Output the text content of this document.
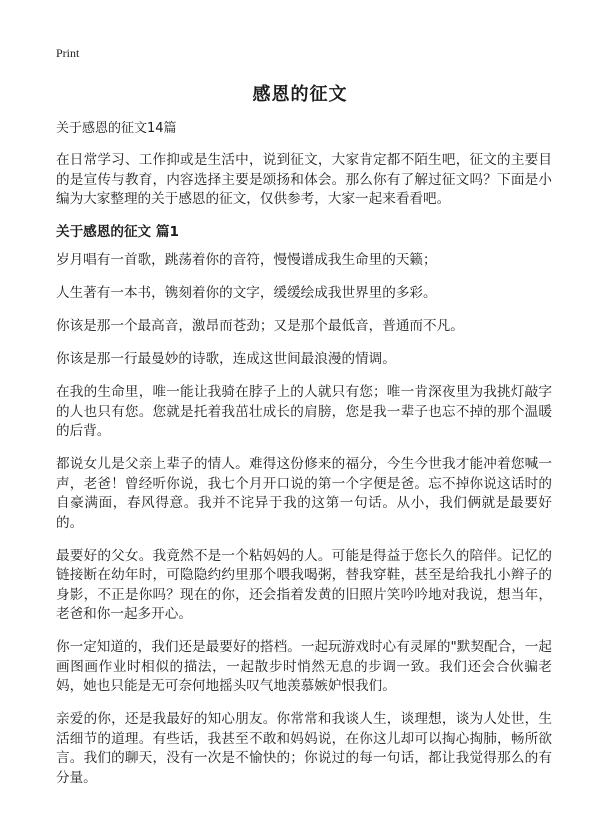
Print
感恩的征文

关于感恩的征文14篇

在日常学习、工作抑或是生活中，说到征文，大家肯定都不陌生吧，征文的主要目的是宣传与教育，内容选择主要是颂扬和体会。那么你有了解过征文吗？下面是小编为大家整理的关于感恩的征文，仅供参考，大家一起来看看吧。

关于感恩的征文 篇1

岁月唱有一首歌，跳荡着你的音符，慢慢谱成我生命里的天籁；

人生著有一本书，镌刻着你的文字，缓缓绘成我世界里的多彩。

你该是那一个最高音，激昂而苍劲；又是那个最低音，普通而不凡。

你该是那一行最曼妙的诗歌，连成这世间最浪漫的情调。

在我的生命里，唯一能让我骑在脖子上的人就只有您；唯一肯深夜里为我挑灯敲字的人也只有您。您就是托着我茁壮成长的肩膀，您是我一辈子也忘不掉的那个温暖的后背。

都说女儿是父亲上辈子的情人。难得这份修来的福分，今生今世我才能冲着您喊一声，老爸！曾经听你说，我七个月开口说的第一个字便是爸。忘不掉你说这话时的自豪满面，春风得意。我并不诧异于我的这第一句话。从小，我们俩就是最要好的。

最要好的父女。我竟然不是一个粘妈妈的人。可能是得益于您长久的陪伴。记忆的链接断在幼年时，可隐隐约约里那个喂我喝粥，替我穿鞋，甚至是给我扎小辫子的身影，不正是你吗？现在的你，还会指着发黄的旧照片笑吟吟地对我说，想当年，老爸和你一起多开心。

你一定知道的，我们还是最要好的搭档。一起玩游戏时心有灵犀的"默契配合，一起画图画作业时相似的描法，一起散步时悄然无息的步调一致。我们还会合伙骗老妈，她也只能是无可奈何地摇头叹气地羡慕嫉妒恨我们。

亲爱的你，还是我最好的知心朋友。你常常和我谈人生，谈理想，谈为人处世，生活细节的道理。有些话，我甚至不敢和妈妈说，在你这儿却可以掏心掏肺，畅所欲言。我们的聊天，没有一次是不愉快的；你说过的每一句话，都让我觉得那么的有分量。
